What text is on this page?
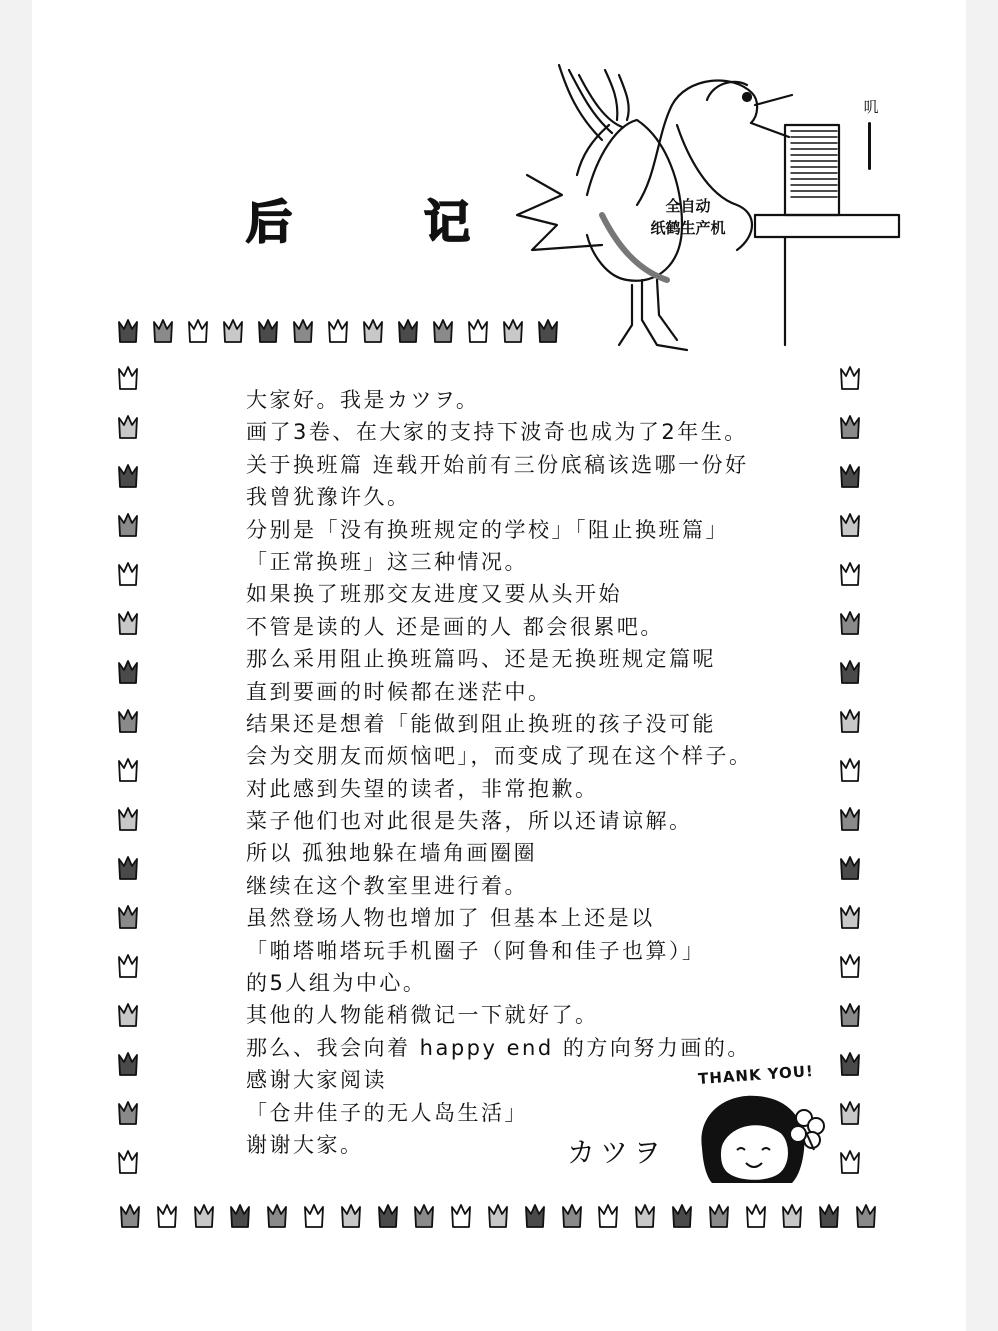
后 记	全自动
纸鹤生产机
叽
大家好。我是カツヲ。
画了3卷、在大家的支持下波奇也成为了2年生。
关于换班篇 连载开始前有三份底稿该选哪一份好
我曾犹豫许久。
分别是「没有换班规定的学校」「阻止换班篇」
「正常换班」这三种情况。
如果换了班那交友进度又要从头开始
不管是读的人 还是画的人 都会很累吧。
那么采用阻止换班篇吗、还是无换班规定篇呢
直到要画的时候都在迷茫中。
结果还是想着「能做到阻止换班的孩子没可能
会为交朋友而烦恼吧」，而变成了现在这个样子。
对此感到失望的读者，非常抱歉。
菜子他们也对此很是失落，所以还请谅解。
所以 孤独地躲在墙角画圈圈
继续在这个教室里进行着。
虽然登场人物也增加了 但基本上还是以
「啪塔啪塔玩手机圈子（阿鲁和佳子也算）」
的5人组为中心。
其他的人物能稍微记一下就好了。
那么、我会向着 happy end 的方向努力画的。
感谢大家阅读
「仓井佳子的无人岛生活」
谢谢大家。	カツヲ
THANK YOU!
